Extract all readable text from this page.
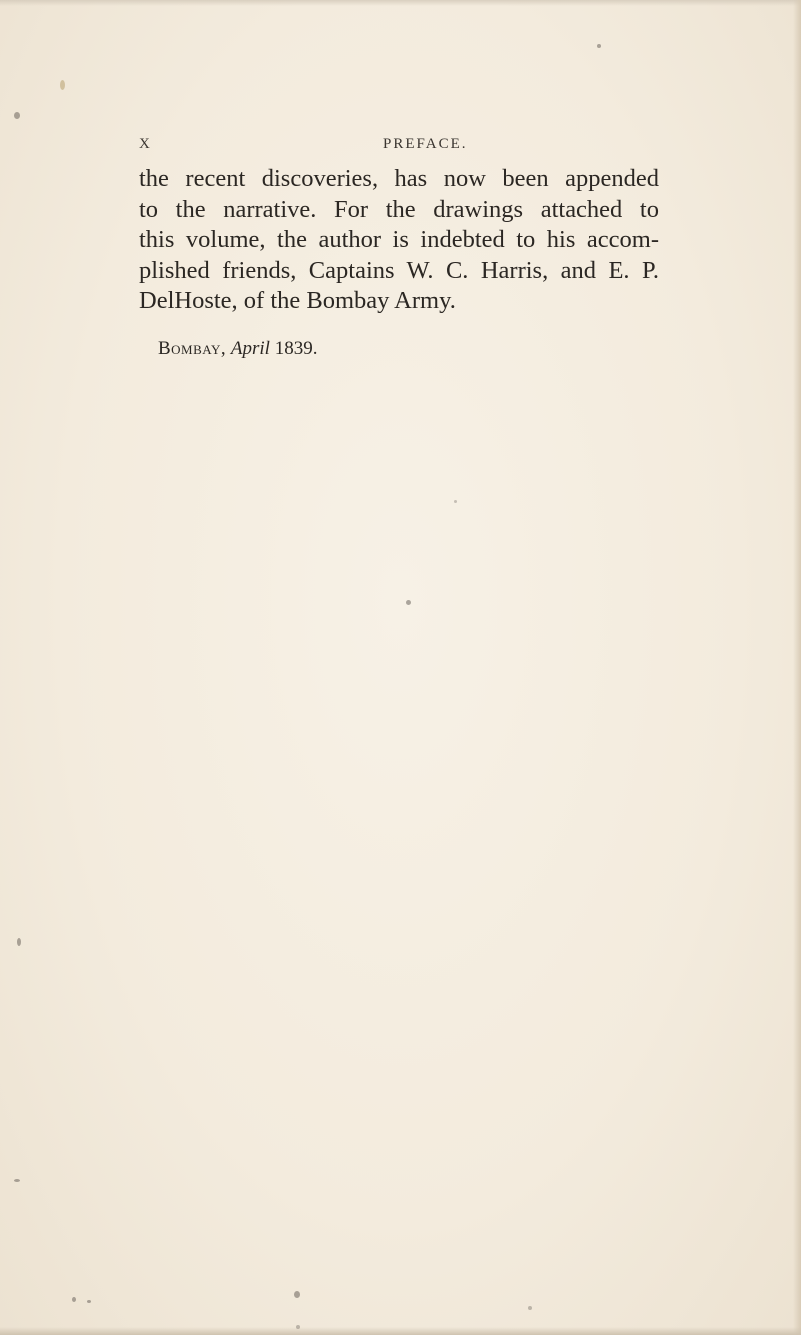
X	PREFACE.
the recent discoveries, has now been appended
to the narrative. For the drawings attached to
this volume, the author is indebted to his accom-
plished friends, Captains W. C. Harris, and E. P.
DelHoste, of the Bombay Army.
Bombay, April 1839.
